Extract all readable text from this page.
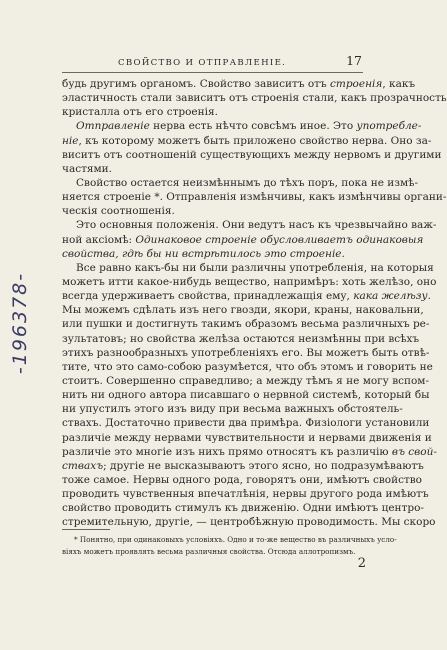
-196378-
СВОЙСТВО И ОТПРАВЛЕНIЕ.	17
будь другимъ органомъ. Свойство зависитъ отъ строенiя, какъ
эластичность стали зависитъ отъ строенiя стали, какъ прозрачность
кристалла отъ его строенiя.
Отправленiе нерва есть нѣчто совсѣмъ иное. Это употребле-
нiе, къ которому можетъ быть приложено свойство нерва. Оно за-
виситъ отъ соотношенiй существующихъ между нервомъ и другими
частями.
Свойство остается неизмѣннымъ до тѣхъ поръ, пока не измѣ-
няется строенiе *. Отправленiя измѣнчивы, какъ измѣнчивы органи-
ческiя соотношенiя.
Это основныя положенiя. Они ведутъ насъ къ чрезвычайно важ-
ной аксiомѣ: Одинаковое строенiе обусловливаетъ одинаковыя
свойства, гдѣ бы ни встрѣтилось это строенiе.
Все равно какъ-бы ни были различны употребленiя, на которыя
можетъ итти какое-нибудь вещество, напримѣръ: хоть желѣзо, оно
всегда удерживаетъ свойства, принадлежащiя ему, кака желѣзу.
Мы можемъ сдѣлать изъ него гвозди, якори, краны, наковальни,
или пушки и достигнуть такимъ образомъ весьма различныхъ ре-
зультатовъ; но свойства желѣза остаются неизмѣнны при всѣхъ
этихъ разнообразныхъ употребленiяхъ его. Вы можетъ быть отвѣ-
тите, что это само-собою разумѣется, что объ этомъ и говорить не
стоитъ. Совершенно справедливо; а между тѣмъ я не могу вспом-
нить ни одного автора писавшаго о нервной системѣ, который бы
ни упустилъ этого изъ виду при весьма важныхъ обстоятель-
ствахъ. Достаточно привести два примѣра. Физiологи установили
различiе между нервами чувствительности и нервами движенiя и
различiе это многiе изъ нихъ прямо относятъ къ различiю въ свой-
ствахъ; другiе не высказываютъ этого ясно, но подразумѣваютъ
тоже самое. Нервы одного рода, говорятъ они, имѣютъ свойство
проводить чувственныя впечатлѣнiя, нервы другого рода имѣютъ
свойство проводить стимулъ къ движенiю. Одни имѣютъ центро-
стремительную, другiе, — центробѣжную проводимость. Мы скоро
* Понятно, при одинаковыхъ условiяхъ. Одно и то-же вещество въ различныхъ усло-
вiяхъ можетъ проявлять весьма различныя свойства. Отсюда аллотропизмъ.
2
